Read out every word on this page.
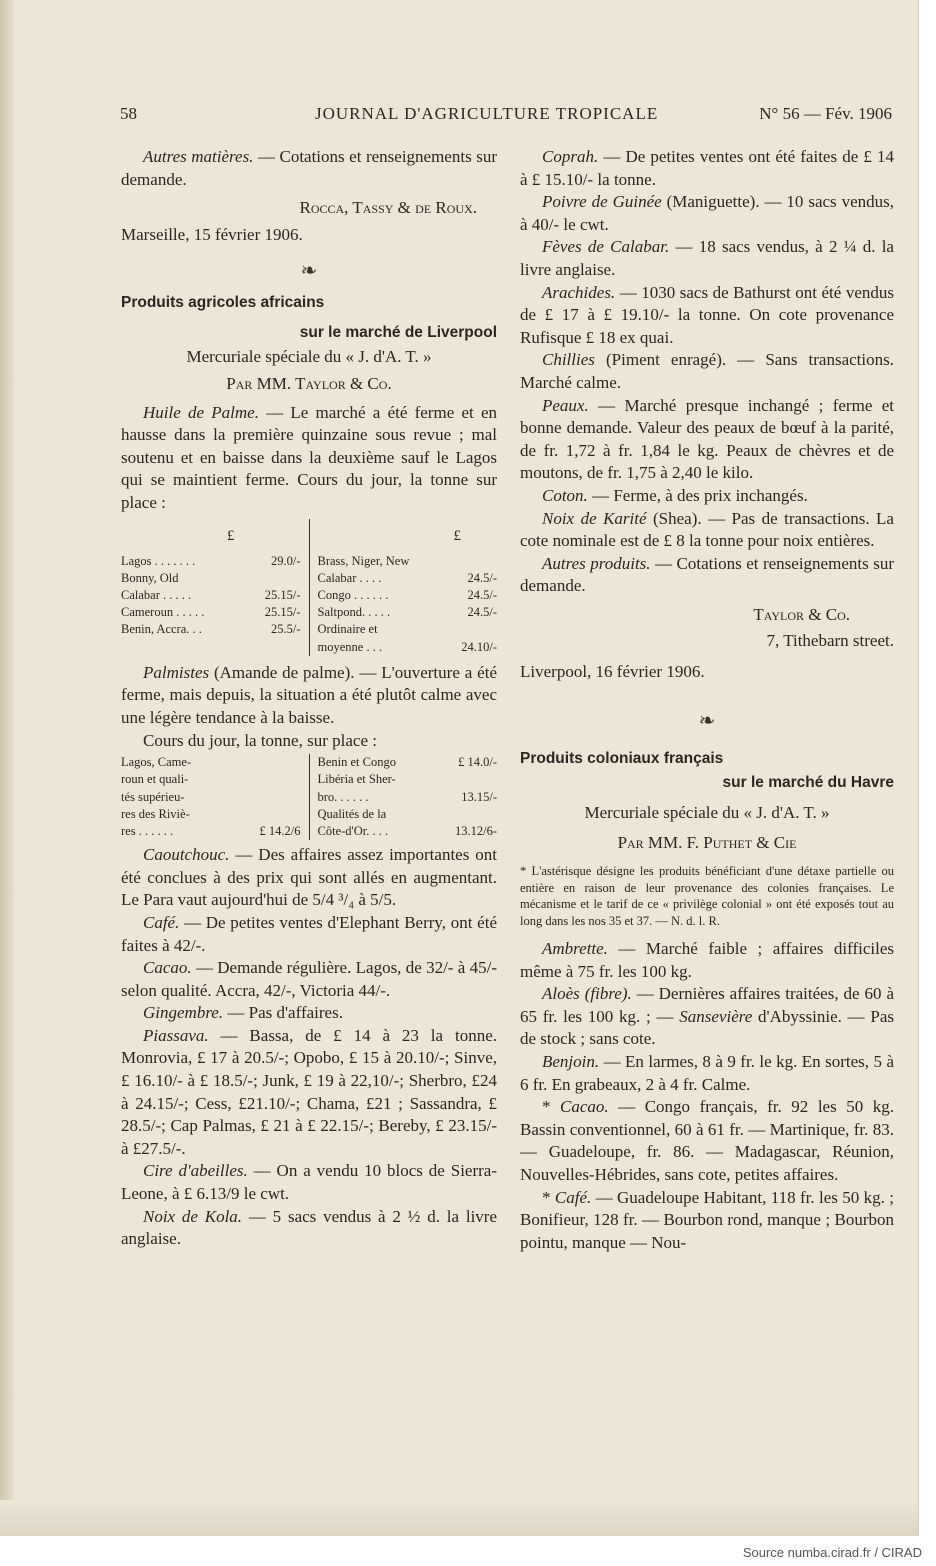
58	JOURNAL D'AGRICULTURE TROPICALE	N° 56 — Fév. 1906

Autres matières. — Cotations et renseignements sur demande.

Rocca, Tassy & de Roux.

Marseille, 15 février 1906.

❧

Produits agricoles africains

sur le marché de Liverpool

Mercuriale spéciale du « J. d'A. T. »

Par MM. Taylor & Co.

Huile de Palme. — Le marché a été ferme et en hausse dans la première quinzaine sous revue ; mal soutenu et en baisse dans la deuxième sauf le Lagos qui se maintient ferme. Cours du jour, la tonne sur place :

£
Lagos . . . . . . .	29.0/-
Bonny, Old
Calabar . . . . .	25.15/-
Cameroun . . . . .	25.15/-
Benin, Accra. . .	25.5/-
£
Brass, Niger, New
Calabar . . . .	24.5/-
Congo . . . . . .	24.5/-
Saltpond. . . . .	24.5/-
Ordinaire et
moyenne . . .	24.10/-

Palmistes (Amande de palme). — L'ouverture a été ferme, mais depuis, la situation a été plutôt calme avec une légère tendance à la baisse.

Cours du jour, la tonne, sur place :

Lagos, Came-
roun et quali-
tés supérieu-
res des Riviè-
res . . . . . .	£ 14.2/6
Benin et Congo	£ 14.0/-
Libéria et Sher-
bro. . . . . .	13.15/-
Qualités de la
Côte-d'Or. . . .	13.12/6-

Caoutchouc. — Des affaires assez importantes ont été conclues à des prix qui sont allés en augmentant. Le Para vaut aujourd'hui de 5/4 ³/₄ à 5/5.

Café. — De petites ventes d'Elephant Berry, ont été faites à 42/-.

Cacao. — Demande régulière. Lagos, de 32/- à 45/- selon qualité. Accra, 42/-, Victoria 44/-.

Gingembre. — Pas d'affaires.

Piassava. — Bassa, de £ 14 à 23 la tonne. Monrovia, £ 17 à 20.5/-; Opobo, £ 15 à 20.10/-; Sinve, £ 16.10/- à £ 18.5/-; Junk, £ 19 à 22,10/-; Sherbro, £24 à 24.15/-; Cess, £21.10/-; Chama, £21 ; Sassandra, £ 28.5/-; Cap Palmas, £ 21 à £ 22.15/-; Bereby, £ 23.15/- à £27.5/-.

Cire d'abeilles. — On a vendu 10 blocs de Sierra-Leone, à £ 6.13/9 le cwt.

Noix de Kola. — 5 sacs vendus à 2 ½ d. la livre anglaise.

Coprah. — De petites ventes ont été faites de £ 14 à £ 15.10/- la tonne.

Poivre de Guinée (Maniguette). — 10 sacs vendus, à 40/- le cwt.

Fèves de Calabar. — 18 sacs vendus, à 2 ¼ d. la livre anglaise.

Arachides. — 1030 sacs de Bathurst ont été vendus de £ 17 à £ 19.10/- la tonne. On cote provenance Rufisque £ 18 ex quai.

Chillies (Piment enragé). — Sans transactions. Marché calme.

Peaux. — Marché presque inchangé ; ferme et bonne demande. Valeur des peaux de bœuf à la parité, de fr. 1,72 à fr. 1,84 le kg. Peaux de chèvres et de moutons, de fr. 1,75 à 2,40 le kilo.

Coton. — Ferme, à des prix inchangés.

Noix de Karité (Shea). — Pas de transactions. La cote nominale est de £ 8 la tonne pour noix entières.

Autres produits. — Cotations et renseignements sur demande.

Taylor & Co.

7, Tithebarn street.

Liverpool, 16 février 1906.

❧

Produits coloniaux français

sur le marché du Havre

Mercuriale spéciale du « J. d'A. T. »

Par MM. F. Puthet & Cie

* L'astérisque désigne les produits bénéficiant d'une détaxe partielle ou entière en raison de leur provenance des colonies françaises. Le mécanisme et le tarif de ce « privilège colonial » ont été exposés tout au long dans les nos 35 et 37. — N. d. l. R.

Ambrette. — Marché faible ; affaires difficiles même à 75 fr. les 100 kg.

Aloès (fibre). — Dernières affaires traitées, de 60 à 65 fr. les 100 kg. ; — Sansevière d'Abyssinie. — Pas de stock ; sans cote.

Benjoin. — En larmes, 8 à 9 fr. le kg. En sortes, 5 à 6 fr. En grabeaux, 2 à 4 fr. Calme.

* Cacao. — Congo français, fr. 92 les 50 kg. Bassin conventionnel, 60 à 61 fr. — Martinique, fr. 83. — Guadeloupe, fr. 86. — Madagascar, Réunion, Nouvelles-Hébrides, sans cote, petites affaires.

* Café. — Guadeloupe Habitant, 118 fr. les 50 kg. ; Bonifieur, 128 fr. — Bourbon rond, manque ; Bourbon pointu, manque — Nou-

Source numba.cirad.fr / CIRAD
